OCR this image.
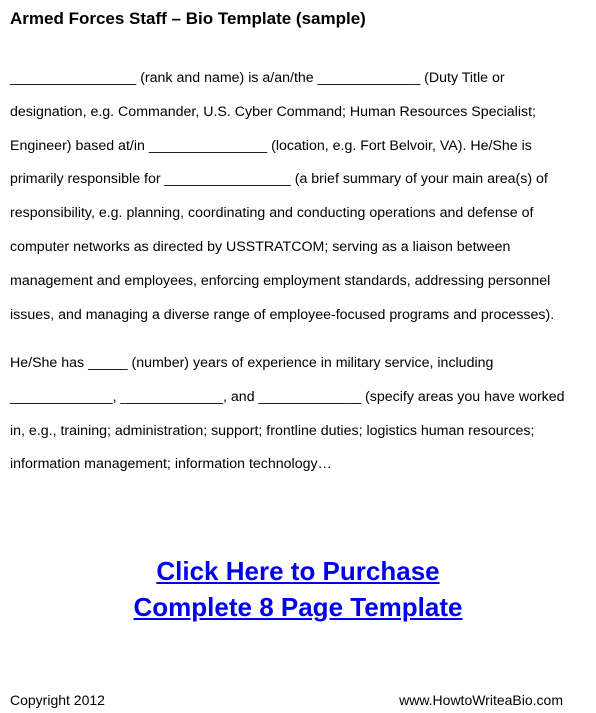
Armed Forces Staff – Bio Template (sample)

________________ (rank and name) is a/an/the _____________ (Duty Title or
designation, e.g. Commander, U.S. Cyber Command; Human Resources Specialist;
Engineer) based at/in _______________ (location, e.g. Fort Belvoir, VA). He/She is
primarily responsible for ________________ (a brief summary of your main area(s) of
responsibility, e.g. planning, coordinating and conducting operations and defense of
computer networks as directed by USSTRATCOM; serving as a liaison between
management and employees, enforcing employment standards, addressing personnel
issues, and managing a diverse range of employee-focused programs and processes).

He/She has _____ (number) years of experience in military service, including
_____________, _____________, and _____________ (specify areas you have worked
in, e.g., training; administration; support; frontline duties; logistics human resources;
information management; information technology…

Click Here to Purchase
Complete 8 Page Template
Copyright 2012	www.HowtoWriteaBio.com
